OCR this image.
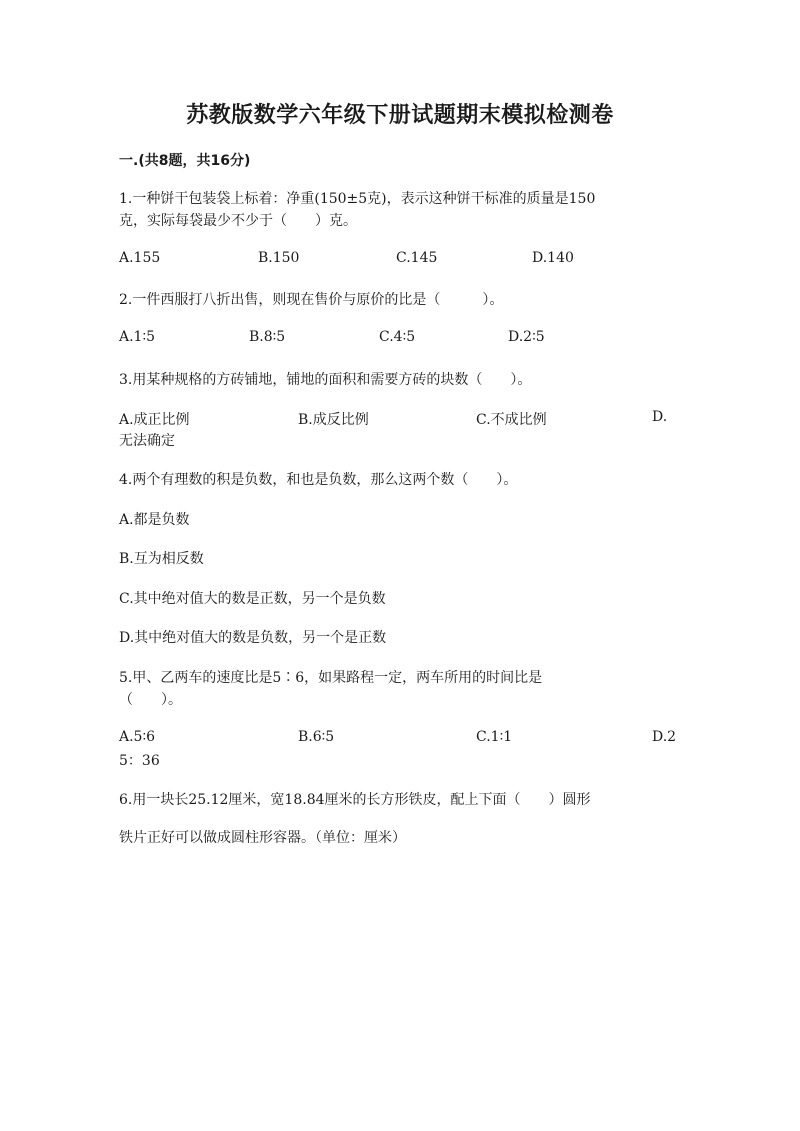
苏教版数学六年级下册试题期末模拟检测卷
一.(共8题，共16分)
1.一种饼干包装袋上标着：净重(150±5克)，表示这种饼干标准的质量是150
克，实际每袋最少不少于（　　）克。
A.155	B.150	C.145	D.140
2.一件西服打八折出售，则现在售价与原价的比是（　　　）。
A.1∶5	B.8∶5	C.4∶5	D.2∶5
3.用某种规格的方砖铺地，铺地的面积和需要方砖的块数（　　）。
A.成正比例	B.成反比例	C.不成比例	D.
无法确定
4.两个有理数的积是负数，和也是负数，那么这两个数（　　）。
A.都是负数
B.互为相反数
C.其中绝对值大的数是正数，另一个是负数
D.其中绝对值大的数是负数，另一个是正数
5.甲、乙两车的速度比是5∶6，如果路程一定，两车所用的时间比是
（　　）。
A.5∶6	B.6∶5	C.1∶1	D.2
5：36
6.用一块长25.12厘米，宽18.84厘米的长方形铁皮，配上下面（　　）圆形
铁片正好可以做成圆柱形容器。（单位：厘米）
